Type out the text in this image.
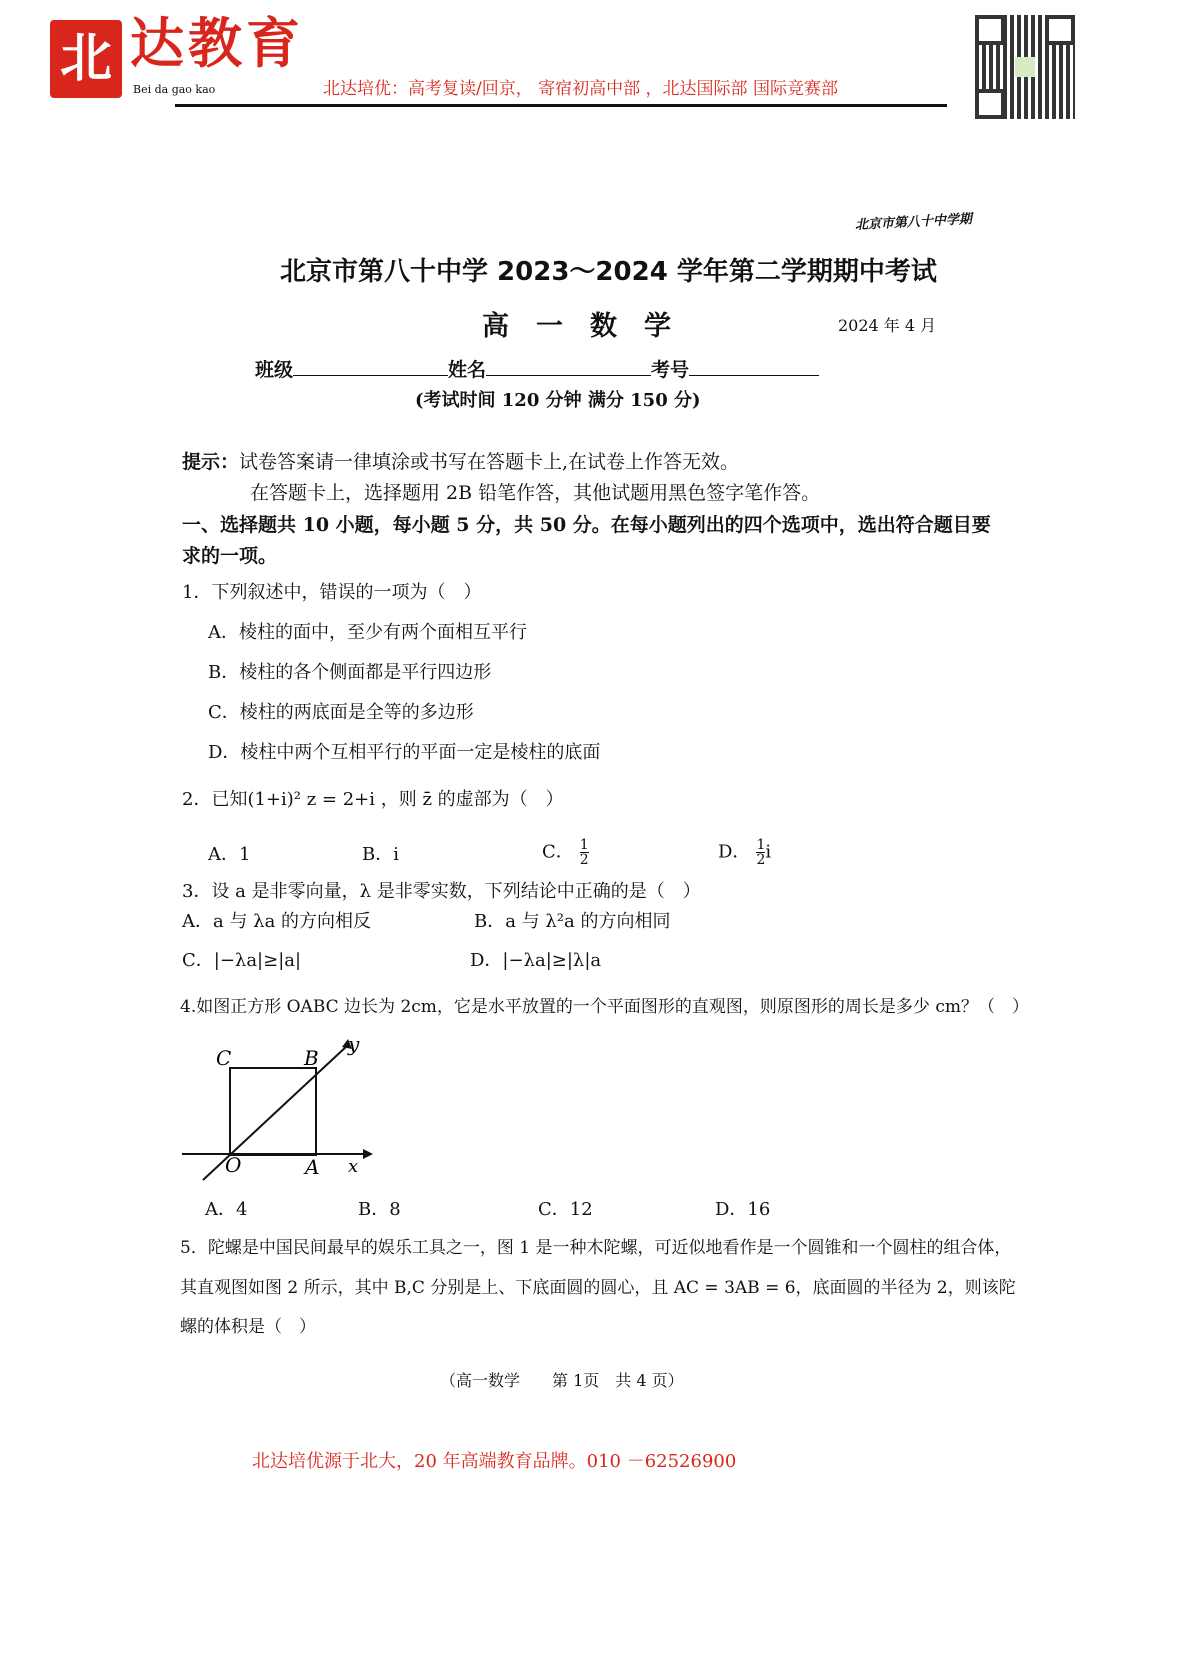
北 达教育
Bei da gao kao	北达培优：高考复读/回京， 寄宿初高中部 ，北达国际部 国际竞赛部
北京市第八十中学期
北京市第八十中学 2023～2024 学年第二学期期中考试
高　一　数　学	2024 年 4 月
班级	姓名	考号
(考试时间 120 分钟 满分 150 分)
提示：试卷答案请一律填涂或书写在答题卡上,在试卷上作答无效。
在答题卡上，选择题用 2B 铅笔作答，其他试题用黑色签字笔作答。
一、选择题共 10 小题，每小题 5 分，共 50 分。在每小题列出的四个选项中，选出符合题目要
求的一项。
1．下列叙述中，错误的一项为（　）
A．棱柱的面中，至少有两个面相互平行
B．棱柱的各个侧面都是平行四边形
C．棱柱的两底面是全等的多边形
D．棱柱中两个互相平行的平面一定是棱柱的底面
2．已知(1+i)² z = 2+i ，则 z̄ 的虚部为（　）
A．1	B．i	C． $\frac{1}{2}$	D． $\frac{1}{2}$ i
3．设 a 是非零向量，λ 是非零实数，下列结论中正确的是（　）
A．a 与 λa 的方向相反	B．a 与 λ²a 的方向相同
C．|−λa|≥|a|	D．|−λa|≥|λ|a
4.如图正方形 OABC 边长为 2cm，它是水平放置的一个平面图形的直观图，则原图形的周长是多少 cm？（　）
C	B
y
O	A x
A．4	B．8	C．12	D．16
5．陀螺是中国民间最早的娱乐工具之一，图 1 是一种木陀螺，可近似地看作是一个圆锥和一个圆柱的组合体，
其直观图如图 2 所示，其中 B,C 分别是上、下底面圆的圆心，且 AC = 3AB = 6，底面圆的半径为 2，则该陀
螺的体积是（　）
（高一数学　　第 1页　共 4 页）
北达培优源于北大，20 年高端教育品牌。010 －62526900
